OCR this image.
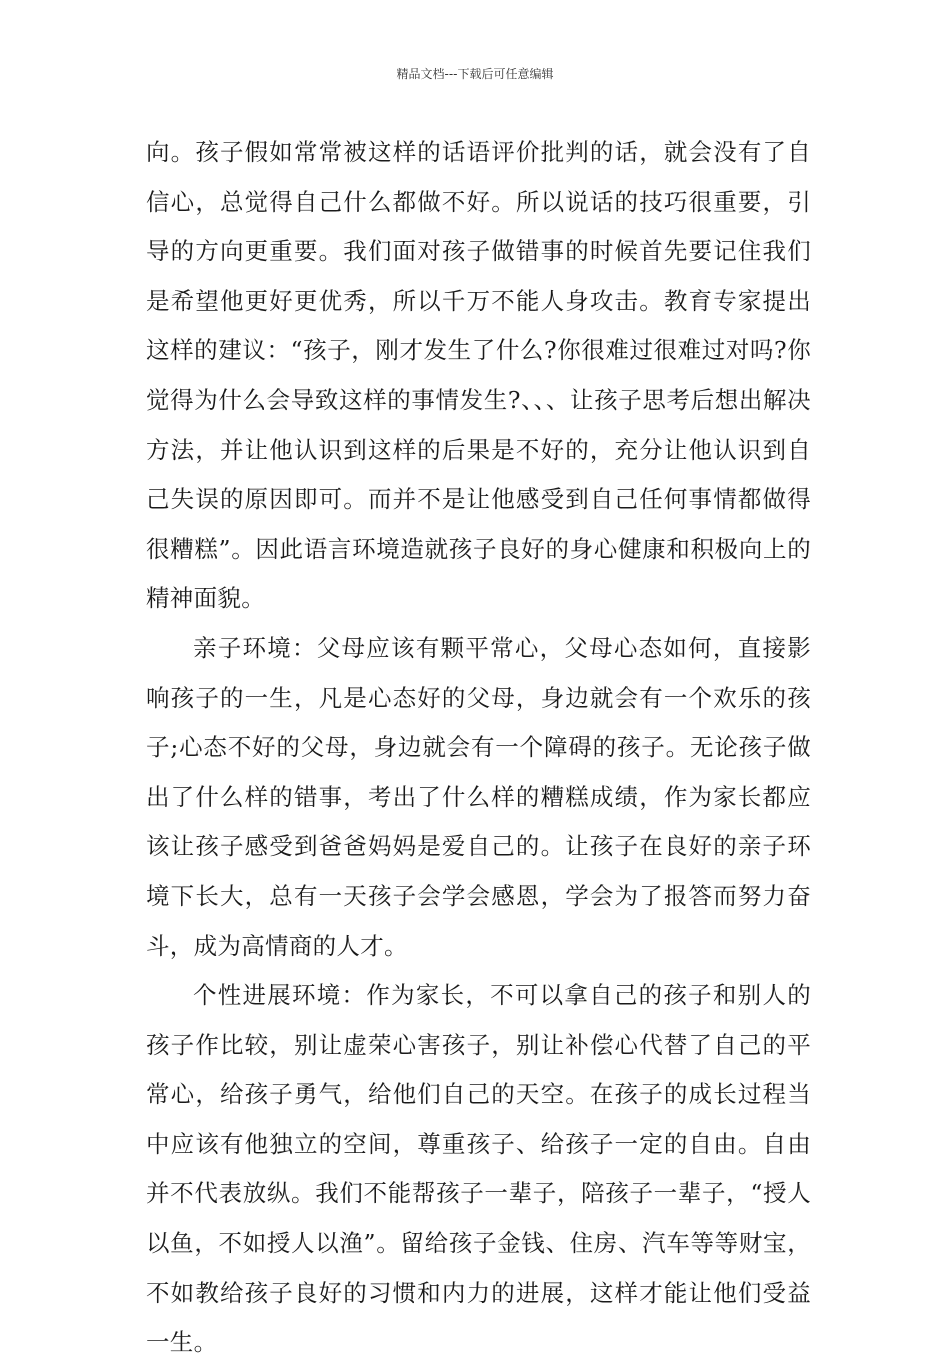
精品文档---下载后可任意编辑

向。孩子假如常常被这样的话语评价批判的话，就会没有了自信心，总觉得自己什么都做不好。所以说话的技巧很重要，引导的方向更重要。我们面对孩子做错事的时候首先要记住我们是希望他更好更优秀，所以千万不能人身攻击。教育专家提出这样的建议：“孩子，刚才发生了什么?你很难过很难过对吗?你觉得为什么会导致这样的事情发生?、、、让孩子思考后想出解决方法，并让他认识到这样的后果是不好的，充分让他认识到自己失误的原因即可。而并不是让他感受到自己任何事情都做得很糟糕”。因此语言环境造就孩子良好的身心健康和积极向上的精神面貌。

亲子环境：父母应该有颗平常心，父母心态如何，直接影响孩子的一生，凡是心态好的父母，身边就会有一个欢乐的孩子;心态不好的父母，身边就会有一个障碍的孩子。无论孩子做出了什么样的错事，考出了什么样的糟糕成绩，作为家长都应该让孩子感受到爸爸妈妈是爱自己的。让孩子在良好的亲子环境下长大，总有一天孩子会学会感恩，学会为了报答而努力奋斗，成为高情商的人才。

个性进展环境：作为家长，不可以拿自己的孩子和别人的孩子作比较，别让虚荣心害孩子，别让补偿心代替了自己的平常心，给孩子勇气，给他们自己的天空。在孩子的成长过程当中应该有他独立的空间，尊重孩子、给孩子一定的自由。自由并不代表放纵。我们不能帮孩子一辈子，陪孩子一辈子，“授人以鱼，不如授人以渔”。留给孩子金钱、住房、汽车等等财宝，不如教给孩子良好的习惯和内力的进展，这样才能让他们受益一生。
